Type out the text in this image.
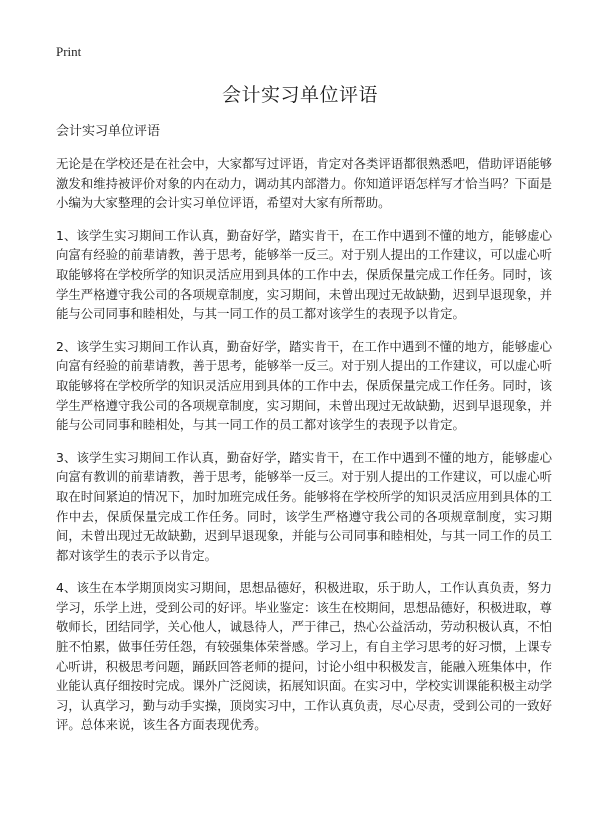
Print
会计实习单位评语

会计实习单位评语

无论是在学校还是在社会中，大家都写过评语，肯定对各类评语都很熟悉吧，借助评语能够激发和维持被评价对象的内在动力，调动其内部潜力。你知道评语怎样写才恰当吗？下面是小编为大家整理的会计实习单位评语，希望对大家有所帮助。

1、该学生实习期间工作认真，勤奋好学，踏实肯干，在工作中遇到不懂的地方，能够虚心向富有经验的前辈请教，善于思考，能够举一反三。对于别人提出的工作建议，可以虚心听取能够将在学校所学的知识灵活应用到具体的工作中去，保质保量完成工作任务。同时，该学生严格遵守我公司的各项规章制度，实习期间，未曾出现过无故缺勤，迟到早退现象，并能与公司同事和睦相处，与其一同工作的员工都对该学生的表现予以肯定。

2、该学生实习期间工作认真，勤奋好学，踏实肯干，在工作中遇到不懂的地方，能够虚心向富有经验的前辈请教，善于思考，能够举一反三。对于别人提出的工作建议，可以虚心听取能够将在学校所学的知识灵活应用到具体的工作中去，保质保量完成工作任务。同时，该学生严格遵守我公司的各项规章制度，实习期间，未曾出现过无故缺勤，迟到早退现象，并能与公司同事和睦相处，与其一同工作的员工都对该学生的表现予以肯定。

3、该学生实习期间工作认真，勤奋好学，踏实肯干，在工作中遇到不懂的地方，能够虚心向富有教训的前辈请教，善于思考，能够举一反三。对于别人提出的工作建议，可以虚心听取在时间紧迫的情况下，加时加班完成任务。能够将在学校所学的知识灵活应用到具体的工作中去，保质保量完成工作任务。同时，该学生严格遵守我公司的各项规章制度，实习期间，未曾出现过无故缺勤，迟到早退现象，并能与公司同事和睦相处，与其一同工作的员工都对该学生的表示予以肯定。

4、该生在本学期顶岗实习期间，思想品德好，积极进取，乐于助人，工作认真负责，努力学习，乐学上进，受到公司的好评。毕业鉴定：该生在校期间，思想品德好，积极进取，尊敬师长，团结同学，关心他人，诚恳待人，严于律己，热心公益活动，劳动积极认真，不怕脏不怕累，做事任劳任怨，有较强集体荣誉感。学习上，有自主学习思考的好习惯，上课专心听讲，积极思考问题，踊跃回答老师的提问，讨论小组中积极发言，能融入班集体中，作业能认真仔细按时完成。课外广泛阅读，拓展知识面。在实习中，学校实训课能积极主动学习，认真学习，勤与动手实操，顶岗实习中，工作认真负责，尽心尽责，受到公司的一致好评。总体来说，该生各方面表现优秀。
